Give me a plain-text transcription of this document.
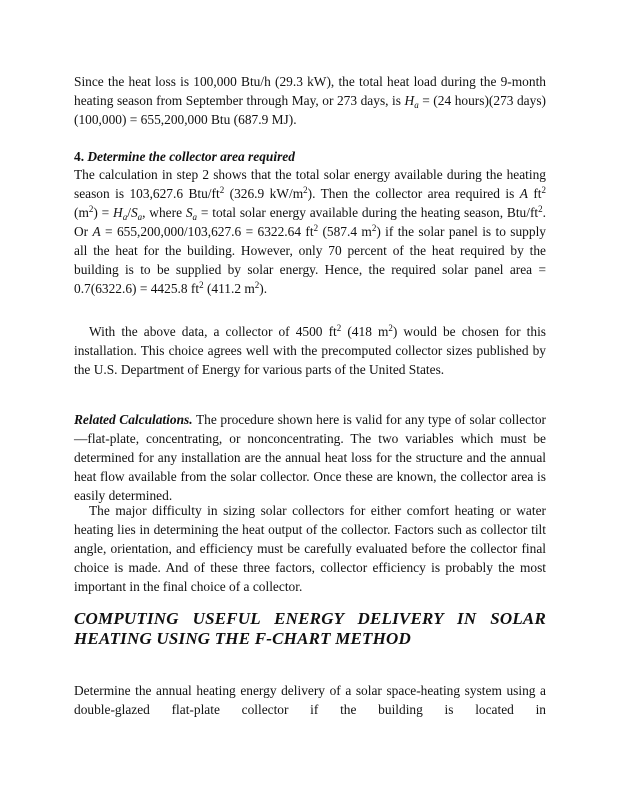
Since the heat loss is 100,000 Btu/h (29.3 kW), the total heat load during the 9-month heating season from September through May, or 273 days, is $H_a = (24$ hours)(273 days)(100,000) = 655,200,000 Btu (687.9 MJ).

4. Determine the collector area required

The calculation in step 2 shows that the total solar energy available during the heating season is 103,627.6 Btu/$ft^2$ (326.9 $kW/m^2$). Then the collector area required is A $ft^2$ $(m^2) = H_a/S_a$, where $S_a$ = total solar energy available during the heating season, Btu/$ft^2$. Or A = 655,200,000/103,627.6 = 6322.64 $ft^2$ (587.4 $m^2$) if the solar panel is to supply all the heat for the building. However, only 70 percent of the heat required by the building is to be supplied by solar energy. Hence, the required solar panel area = 0.7(6322.6) = 4425.8 $ft^2$ (411.2 $m^2$).

With the above data, a collector of 4500 $ft^2$ (418 $m^2$) would be chosen for this installation. This choice agrees well with the precomputed collector sizes published by the U.S. Department of Energy for various parts of the United States.

Related Calculations. The procedure shown here is valid for any type of solar collector—flat-plate, concentrating, or nonconcentrating. The two variables which must be determined for any installation are the annual heat loss for the structure and the annual heat flow available from the solar collector. Once these are known, the collector area is easily determined.

The major difficulty in sizing solar collectors for either comfort heating or water heating lies in determining the heat output of the collector. Factors such as collector tilt angle, orientation, and efficiency must be carefully evaluated before the collector final choice is made. And of these three factors, collector efficiency is probably the most important in the final choice of a collector.

COMPUTING USEFUL ENERGY DELIVERY IN SOLAR
HEATING USING THE F-CHART METHOD

Determine the annual heating energy delivery of a solar space-heating system using a double-glazed flat-plate collector if the building is located in
